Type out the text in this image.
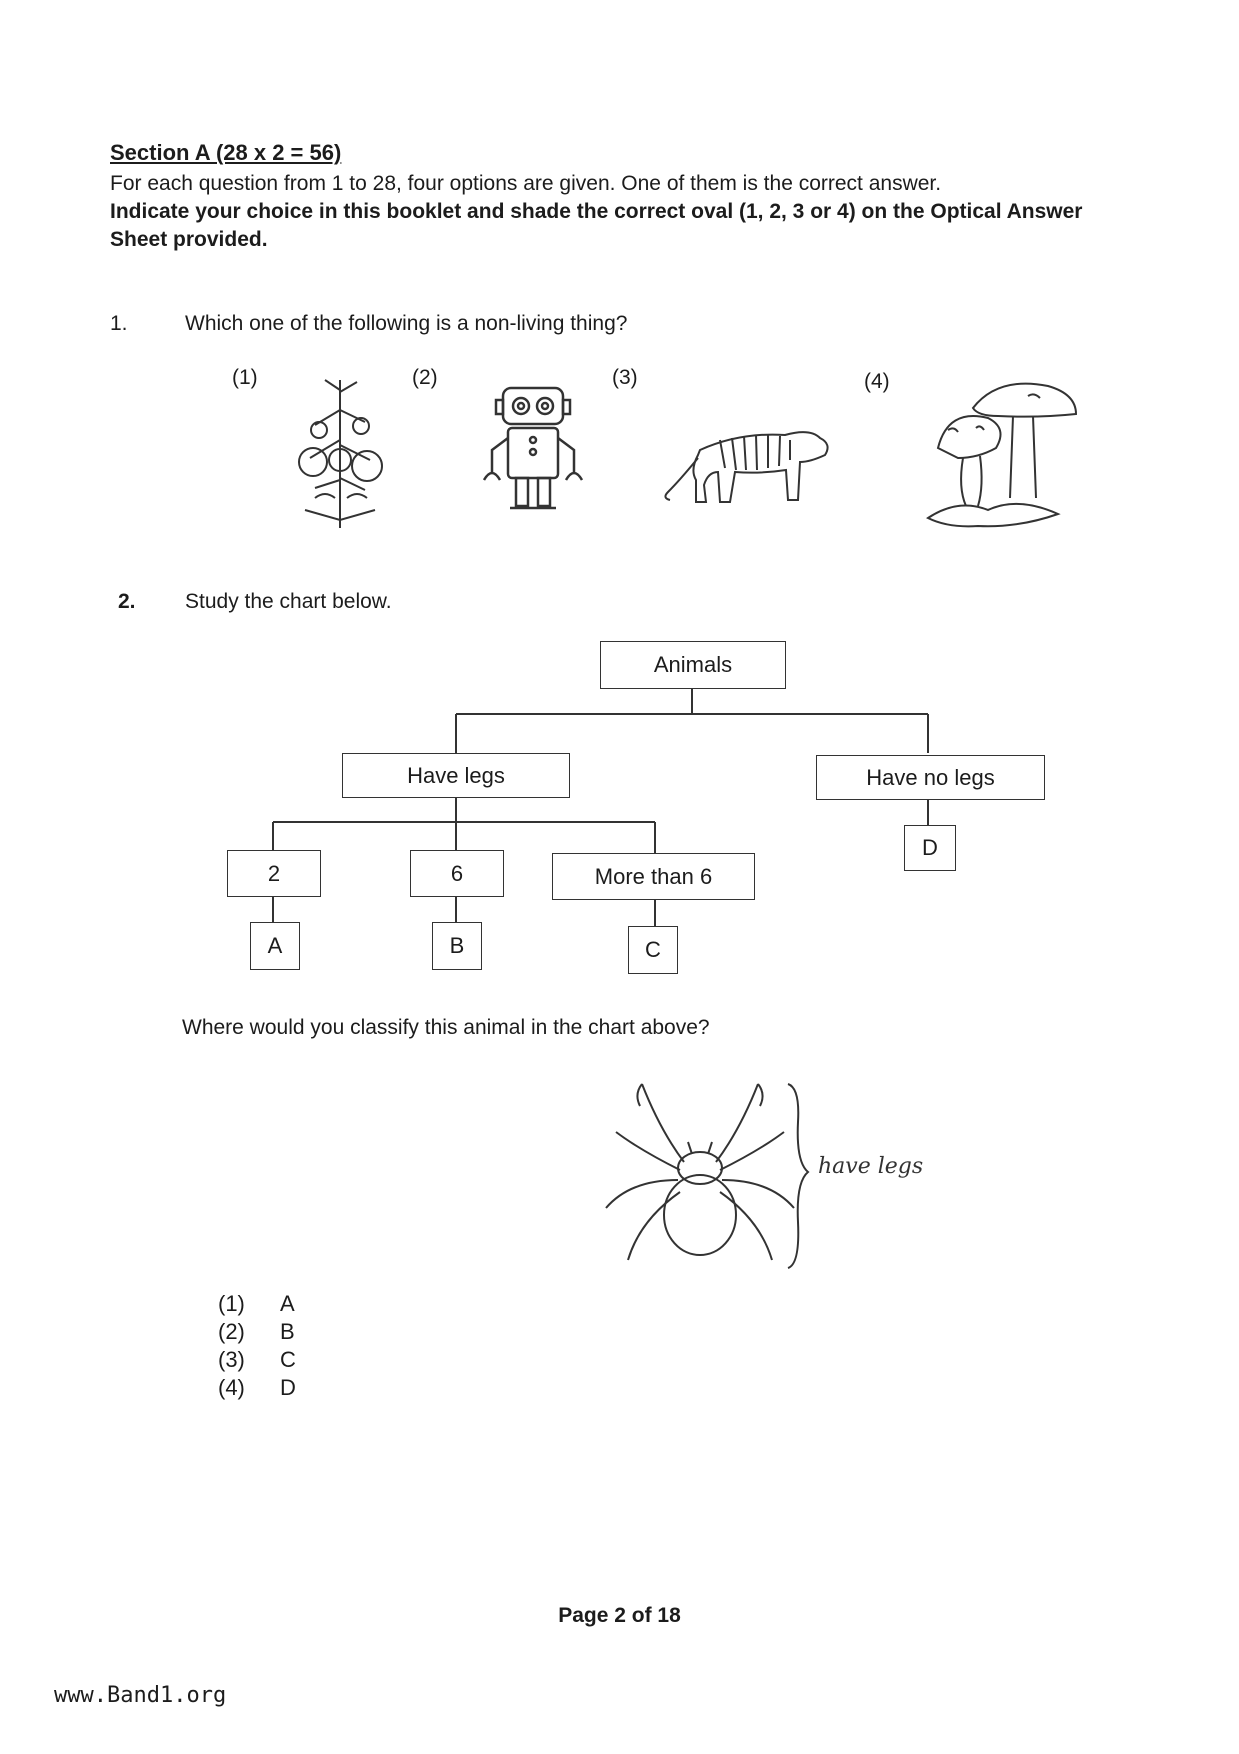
Section A (28 x 2 = 56)
For each question from 1 to 28, four options are given. One of them is the correct answer.
Indicate your choice in this booklet and shade the correct oval (1, 2, 3 or 4) on the Optical Answer Sheet provided.
1.	Which one of the following is a non-living thing?
(1)	(2)	(3)	(4)
2. Study the chart below.
Animals
Have legs	Have no legs
2	6	More than 6
D
A	B	C
Where would you classify this animal in the chart above?
have legs
(1)	A
(2)	B
(3)	C
(4)	D
Page 2 of 18
www.Band1.org
